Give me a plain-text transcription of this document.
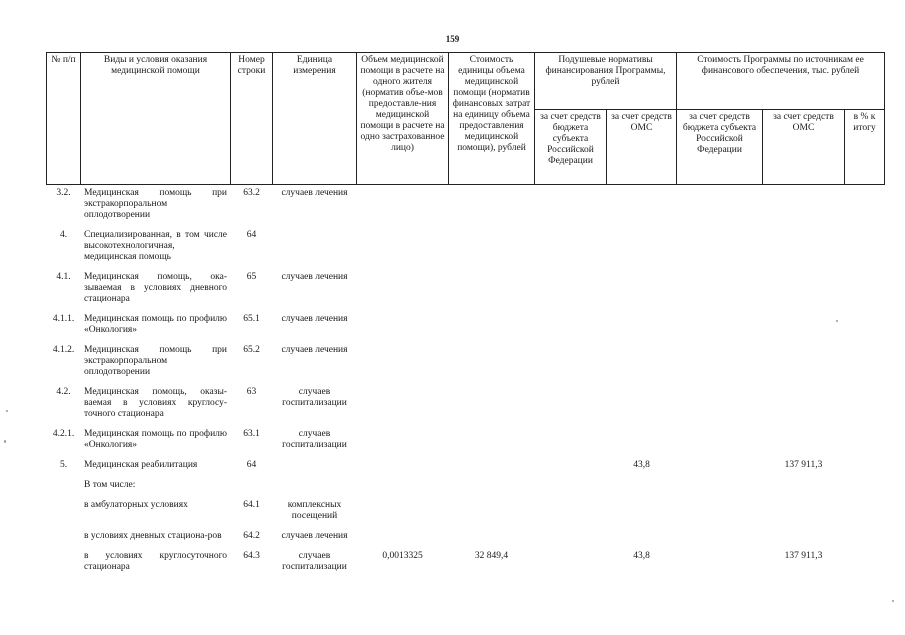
159
№ п/п	Виды и условия оказания медицинской помощи	Номер строки	Единица измерения	Объем медицинской помощи в расчете на одного жителя (норматив объе-мов предоставле-ния медицинской помощи в расчете на одно застрахованное лицо)	Стоимость единицы объема медицинской помощи (норматив финансовых затрат на единицу объема предоставления медицинской помощи), рублей	Подушевые нормативы финансирования Программы, рублей		Стоимость Программы по источникам ее финансового обеспечения, тыс. рублей		
						за счет средств бюджета субъекта Российской Федерации	за счет средств ОМС	за счет средств бюджета субъекта Российской Федерации	за счет средств ОМС	в % к итогу
3.2.	Медицинская помощь при экстракорпоральном оплодотворении	63.2	случаев лечения							
4.	Специализированная, в том числе высокотехнологичная, медицинская помощь	64								
4.1.	Медицинская помощь, ока-зываемая в условиях дневного стационара	65	случаев лечения							
4.1.1.	Медицинская помощь по профилю «Онкология»	65.1	случаев лечения							
4.1.2.	Медицинская помощь при экстракорпоральном оплодотворении	65.2	случаев лечения							
4.2.	Медицинская помощь, оказы-ваемая в условиях круглосу-точного стационара	63	случаев госпитализации							
4.2.1.	Медицинская помощь по профилю «Онкология»	63.1	случаев госпитализации							
5.	Медицинская реабилитация	64					43,8		137 911,3	
	В том числе:									
	в амбулаторных условиях	64.1	комплексных посещений							
	в условиях дневных стациона-ров	64.2	случаев лечения							
	в условиях круглосуточного стационара	64.3	случаев госпитализации	0,0013325	32 849,4		43,8		137 911,3	
